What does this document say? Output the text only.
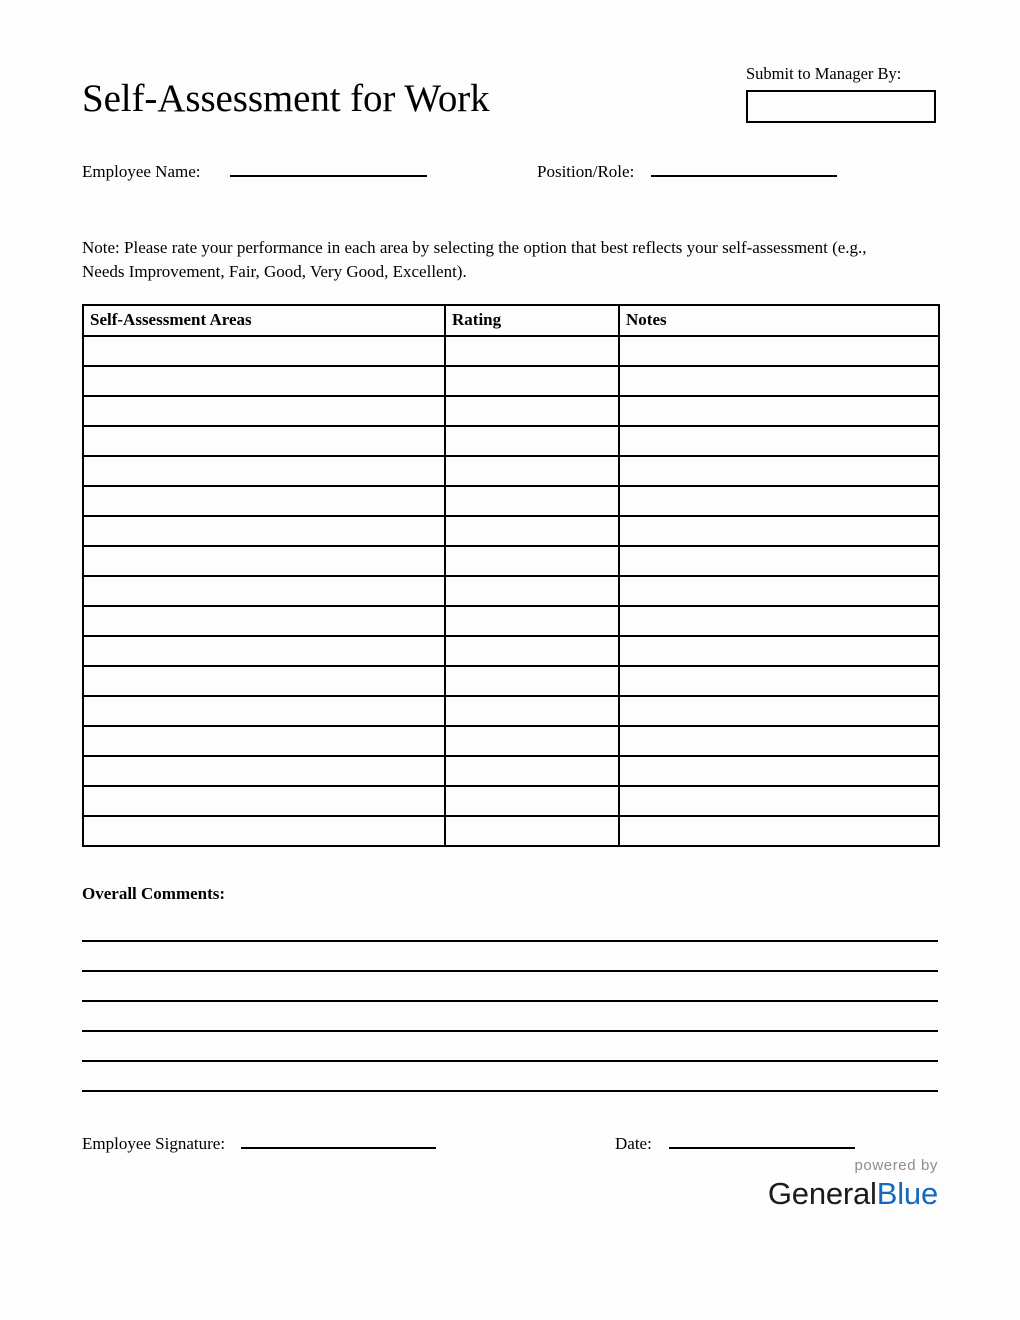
Self-Assessment for Work
Submit to Manager By:
Employee Name:	Position/Role:

Note: Please rate your performance in each area by selecting the option that best reflects your self-assessment (e.g., Needs Improvement, Fair, Good, Very Good, Excellent).

Self-Assessment Areas	Rating	Notes

Overall Comments:
Employee Signature:	Date:
powered by
GeneralBlue
